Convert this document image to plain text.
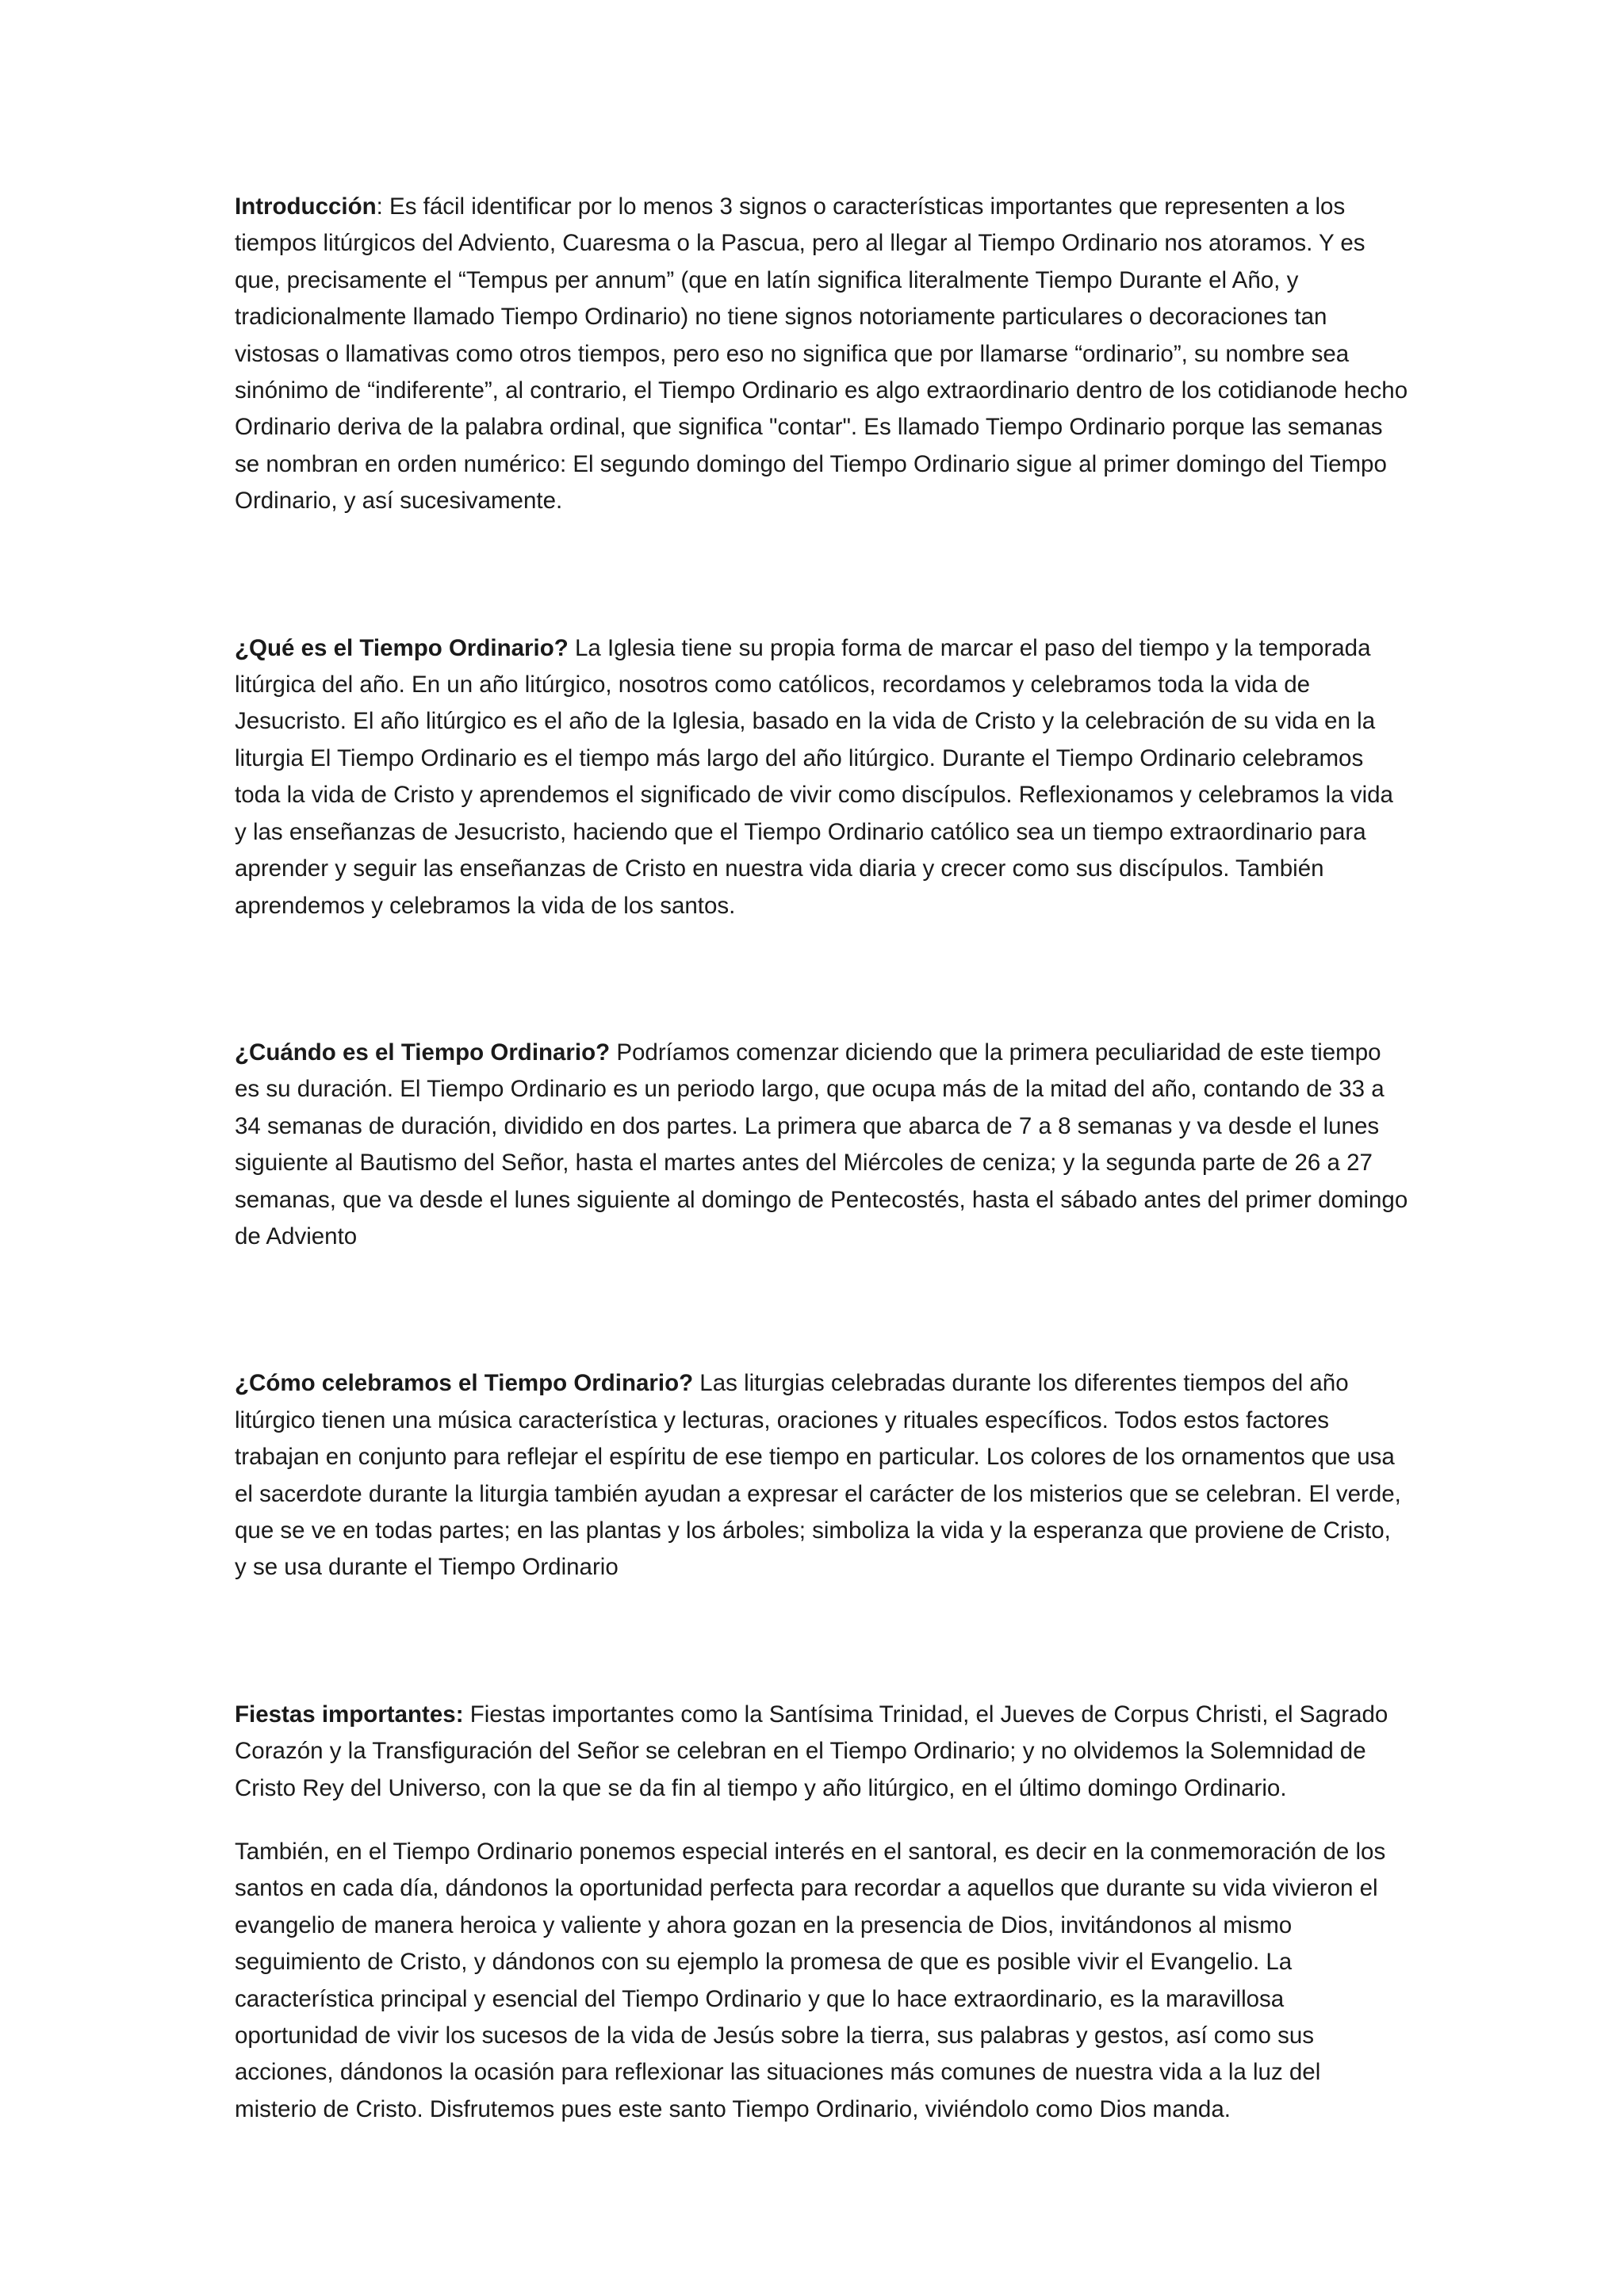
Introducción: Es fácil identificar por lo menos 3 signos o características importantes que representen a los tiempos litúrgicos del Adviento, Cuaresma o la Pascua, pero al llegar al Tiempo Ordinario nos atoramos. Y es que, precisamente el “Tempus per annum” (que en latín significa literalmente Tiempo Durante el Año, y tradicionalmente llamado Tiempo Ordinario) no tiene signos notoriamente particulares o decoraciones tan vistosas o llamativas como otros tiempos, pero eso no significa que por llamarse “ordinario”, su nombre sea sinónimo de “indiferente”, al contrario, el Tiempo Ordinario es algo extraordinario dentro de los cotidianode hecho Ordinario deriva de la palabra ordinal, que significa "contar". Es llamado Tiempo Ordinario porque las semanas se nombran en orden numérico: El segundo domingo del Tiempo Ordinario sigue al primer domingo del Tiempo Ordinario, y así sucesivamente.

¿Qué es el Tiempo Ordinario? La Iglesia tiene su propia forma de marcar el paso del tiempo y la temporada litúrgica del año. En un año litúrgico, nosotros como católicos, recordamos y celebramos toda la vida de Jesucristo. El año litúrgico es el año de la Iglesia, basado en la vida de Cristo y la celebración de su vida en la liturgia El Tiempo Ordinario es el tiempo más largo del año litúrgico. Durante el Tiempo Ordinario celebramos toda la vida de Cristo y aprendemos el significado de vivir como discípulos. Reflexionamos y celebramos la vida y las enseñanzas de Jesucristo, haciendo que el Tiempo Ordinario católico sea un tiempo extraordinario para aprender y seguir las enseñanzas de Cristo en nuestra vida diaria y crecer como sus discípulos. También aprendemos y celebramos la vida de los santos.

¿Cuándo es el Tiempo Ordinario? Podríamos comenzar diciendo que la primera peculiaridad de este tiempo es su duración. El Tiempo Ordinario es un periodo largo, que ocupa más de la mitad del año, contando de 33 a 34 semanas de duración, dividido en dos partes. La primera que abarca de 7 a 8 semanas y va desde el lunes siguiente al Bautismo del Señor, hasta el martes antes del Miércoles de ceniza; y la segunda parte de 26 a 27 semanas, que va desde el lunes siguiente al domingo de Pentecostés, hasta el sábado antes del primer domingo de Adviento

¿Cómo celebramos el Tiempo Ordinario? Las liturgias celebradas durante los diferentes tiempos del año litúrgico tienen una música característica y lecturas, oraciones y rituales específicos. Todos estos factores trabajan en conjunto para reflejar el espíritu de ese tiempo en particular. Los colores de los ornamentos que usa el sacerdote durante la liturgia también ayudan a expresar el carácter de los misterios que se celebran. El verde, que se ve en todas partes; en las plantas y los árboles; simboliza la vida y la esperanza que proviene de Cristo, y se usa durante el Tiempo Ordinario

Fiestas importantes: Fiestas importantes como la Santísima Trinidad, el Jueves de Corpus Christi, el Sagrado Corazón y la Transfiguración del Señor se celebran en el Tiempo Ordinario; y no olvidemos la Solemnidad de Cristo Rey del Universo, con la que se da fin al tiempo y año litúrgico, en el último domingo Ordinario.

También, en el Tiempo Ordinario ponemos especial interés en el santoral, es decir en la conmemoración de los santos en cada día, dándonos la oportunidad perfecta para recordar a aquellos que durante su vida vivieron el evangelio de manera heroica y valiente y ahora gozan en la presencia de Dios, invitándonos al mismo seguimiento de Cristo, y dándonos con su ejemplo la promesa de que es posible vivir el Evangelio. La característica principal y esencial del Tiempo Ordinario y que lo hace extraordinario, es la maravillosa oportunidad de vivir los sucesos de la vida de Jesús sobre la tierra, sus palabras y gestos, así como sus acciones, dándonos la ocasión para reflexionar las situaciones más comunes de nuestra vida a la luz del misterio de Cristo. Disfrutemos pues este santo Tiempo Ordinario, viviéndolo como Dios manda.
